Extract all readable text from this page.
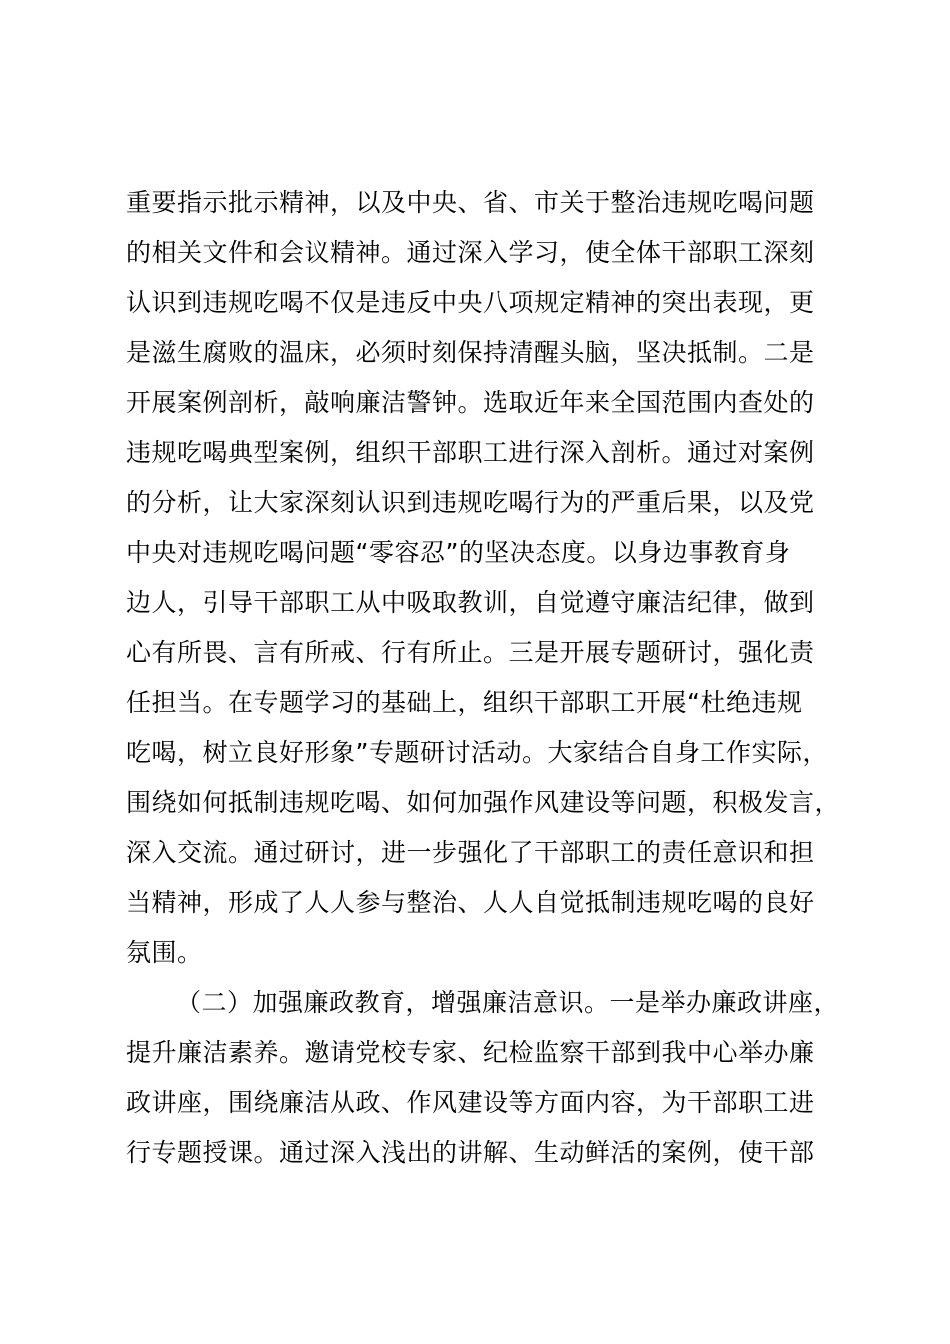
重要指示批示精神，以及中央、省、市关于整治违规吃喝问题
的相关文件和会议精神。通过深入学习，使全体干部职工深刻
认识到违规吃喝不仅是违反中央八项规定精神的突出表现，更
是滋生腐败的温床，必须时刻保持清醒头脑，坚决抵制。二是
开展案例剖析，敲响廉洁警钟。选取近年来全国范围内查处的
违规吃喝典型案例，组织干部职工进行深入剖析。通过对案例
的分析，让大家深刻认识到违规吃喝行为的严重后果，以及党
中央对违规吃喝问题“零容忍”的坚决态度。以身边事教育身
边人，引导干部职工从中吸取教训，自觉遵守廉洁纪律，做到
心有所畏、言有所戒、行有所止。三是开展专题研讨，强化责
任担当。在专题学习的基础上，组织干部职工开展“杜绝违规
吃喝，树立良好形象”专题研讨活动。大家结合自身工作实际，
围绕如何抵制违规吃喝、如何加强作风建设等问题，积极发言，
深入交流。通过研讨，进一步强化了干部职工的责任意识和担
当精神，形成了人人参与整治、人人自觉抵制违规吃喝的良好
氛围。
（二）加强廉政教育，增强廉洁意识。一是举办廉政讲座，
提升廉洁素养。邀请党校专家、纪检监察干部到我中心举办廉
政讲座，围绕廉洁从政、作风建设等方面内容，为干部职工进
行专题授课。通过深入浅出的讲解、生动鲜活的案例，使干部
